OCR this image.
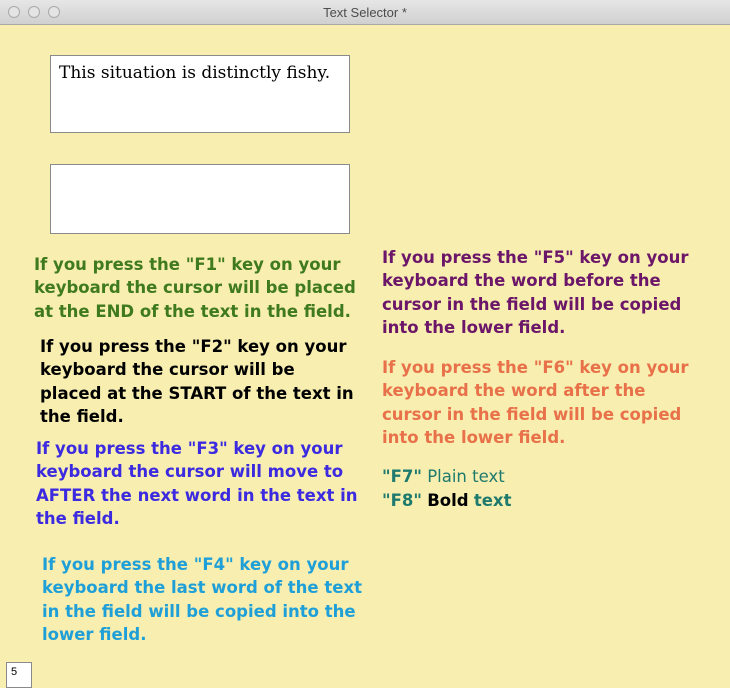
Text Selector *
This situation is distinctly fishy.
If you press the "F1" key on your keyboard the cursor will be placed at the END of the text in the field.
If you press the "F2" key on your keyboard the cursor will be placed at the START of the text in the field.
If you press the "F3" key on your keyboard the cursor will move to AFTER the next word in the text in the field.
If you press the "F4" key on your keyboard the last word of the text in the field will be copied into the lower field.
If you press the "F5" key on your keyboard the word before the cursor in the field will be copied into the lower field.
If you press the "F6" key on your keyboard the word after the cursor in the field will be copied into the lower field.
"F7" Plain text
"F8" Bold text
5
